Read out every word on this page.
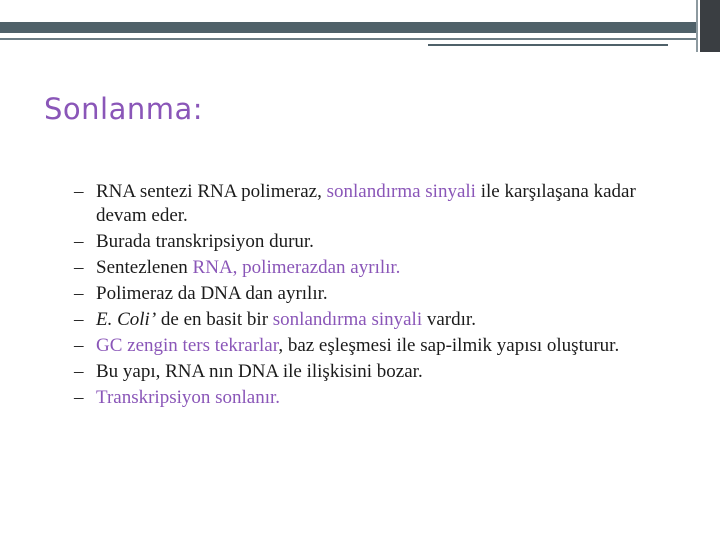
Sonlanma:
– RNA sentezi RNA polimeraz, sonlandırma sinyali ile karşılaşana kadar devam eder.
– Burada transkripsiyon durur.
– Sentezlenen RNA, polimerazdan ayrılır.
– Polimeraz da DNA dan ayrılır.
– E. Coli’ de en basit bir sonlandırma sinyali vardır.
– GC zengin ters tekrarlar, baz eşleşmesi ile sap-ilmik yapısı oluşturur.
– Bu yapı, RNA nın DNA ile ilişkisini bozar.
– Transkripsiyon sonlanır.
